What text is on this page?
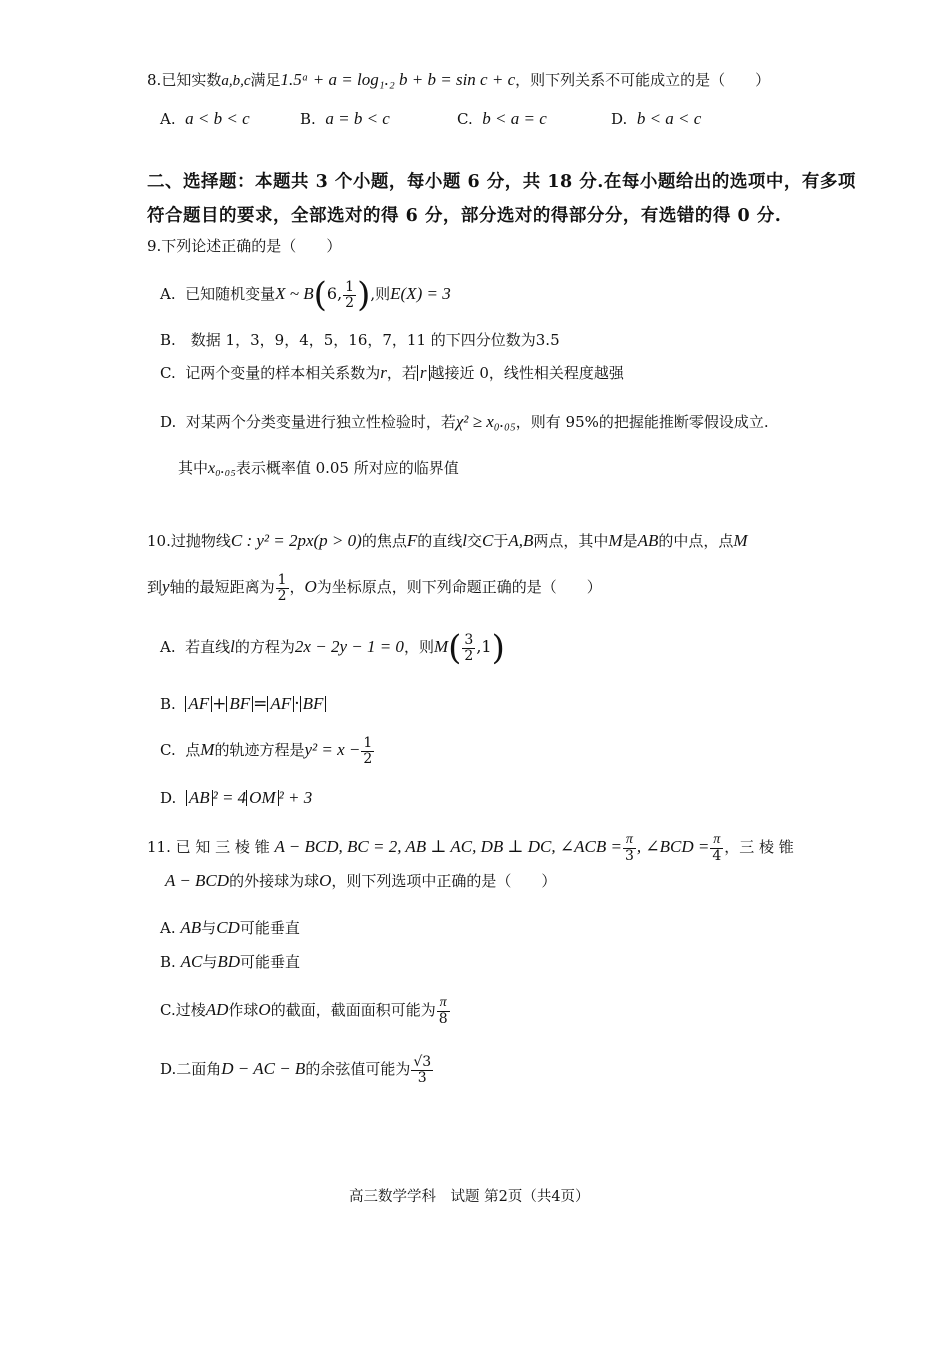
8.已知实数a,b,c满足1.5ᵃ + a = log₁.₂ b + b = sin c + c，则下列关系不可能成立的是（　　）
A. a < b < c	B. a = b < c	C. b < a = c	D. b < a < c
二、选择题：本题共 3 个小题，每小题 6 分，共 18 分.在每小题给出的选项中，有多项
符合题目的要求，全部选对的得 6 分，部分选对的得部分分，有选错的得 0 分.
9.下列论述正确的是（　　）
A. 已知随机变量X ~ B(6, $\frac{1}{2}$ ),则E(X) = 3
B.　数据 1，3，9，4，5，16，7，11 的下四分位数为3.5
C. 记两个变量的样本相关系数为r，若 r 越接近 0，线性相关程度越强
D. 对某两个分类变量进行独立性检验时，若χ² ≥ x₀.₀₅，则有 95%的把握能推断零假设成立.
其中x₀.₀₅表示概率值 0.05 所对应的临界值
10.过抛物线C : y² = 2px(p > 0)的焦点F的直线l交C于A,B两点，其中M是AB的中点，点M
到y轴的最短距离为 $\frac{1}{2}$ ，O为坐标原点，则下列命题正确的是（　　）
A. 若直线l的方程为2x − 2y − 1 = 0，则$M( \frac{3}{2} ,1)$
B. AF + BF = AF · BF
C. 点M的轨迹方程是$y^2 = x - \frac{1}{2}$
D. AB ² = 4 OM ² + 3
11. 已 知 三 棱 锥 A − BCD, BC = 2, AB ⊥ AC, DB ⊥ DC, ∠ACB = $\frac{\pi}{3}$ , ∠BCD = $\frac{\pi}{4}$ ，三 棱 锥
A − BCD的外接球为球O，则下列选项中正确的是（　　）
A. AB与CD可能垂直
B. AC与BD可能垂直
C.过棱AD作球O的截面，截面面积可能为 $\frac{\pi}{8}$
D.二面角D − AC − B的余弦值可能为 $\frac{√3}{3}$
高三数学学科　试题 第2页（共4页）
